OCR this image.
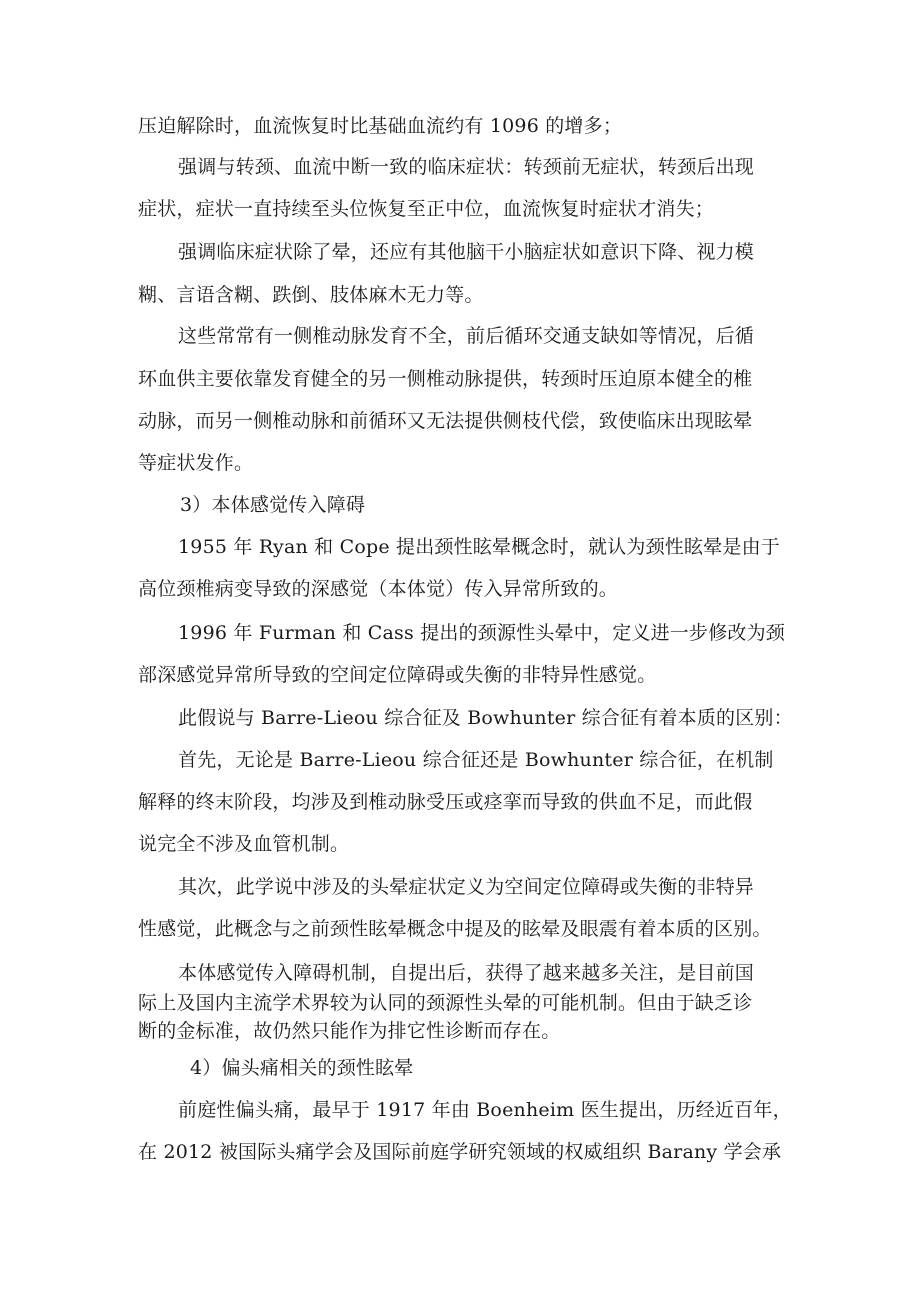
压迫解除时，血流恢复时比基础血流约有 1096 的增多；
强调与转颈、血流中断一致的临床症状：转颈前无症状，转颈后出现
症状，症状一直持续至头位恢复至正中位，血流恢复时症状才消失；
强调临床症状除了晕，还应有其他脑干小脑症状如意识下降、视力模
糊、言语含糊、跌倒、肢体麻木无力等。
这些常常有一侧椎动脉发育不全，前后循环交通支缺如等情况，后循
环血供主要依靠发育健全的另一侧椎动脉提供，转颈时压迫原本健全的椎
动脉，而另一侧椎动脉和前循环又无法提供侧枝代偿，致使临床出现眩晕
等症状发作。
3）本体感觉传入障碍
1955 年 Ryan 和 Cope 提出颈性眩晕概念时，就认为颈性眩晕是由于
高位颈椎病变导致的深感觉（本体觉）传入异常所致的。
1996 年 Furman 和 Cass 提出的颈源性头晕中，定义进一步修改为颈
部深感觉异常所导致的空间定位障碍或失衡的非特异性感觉。
此假说与 Barre-Lieou 综合征及 Bowhunter 综合征有着本质的区别：
首先，无论是 Barre-Lieou 综合征还是 Bowhunter 综合征，在机制
解释的终末阶段，均涉及到椎动脉受压或痉挛而导致的供血不足，而此假
说完全不涉及血管机制。
其次，此学说中涉及的头晕症状定义为空间定位障碍或失衡的非特异
性感觉，此概念与之前颈性眩晕概念中提及的眩晕及眼震有着本质的区别。
本体感觉传入障碍机制，自提出后，获得了越来越多关注，是目前国
际上及国内主流学术界较为认同的颈源性头晕的可能机制。但由于缺乏诊
断的金标准，故仍然只能作为排它性诊断而存在。
4）偏头痛相关的颈性眩晕
前庭性偏头痛，最早于 1917 年由 Boenheim 医生提出，历经近百年，
在 2012 被国际头痛学会及国际前庭学研究领域的权威组织 Barany 学会承
